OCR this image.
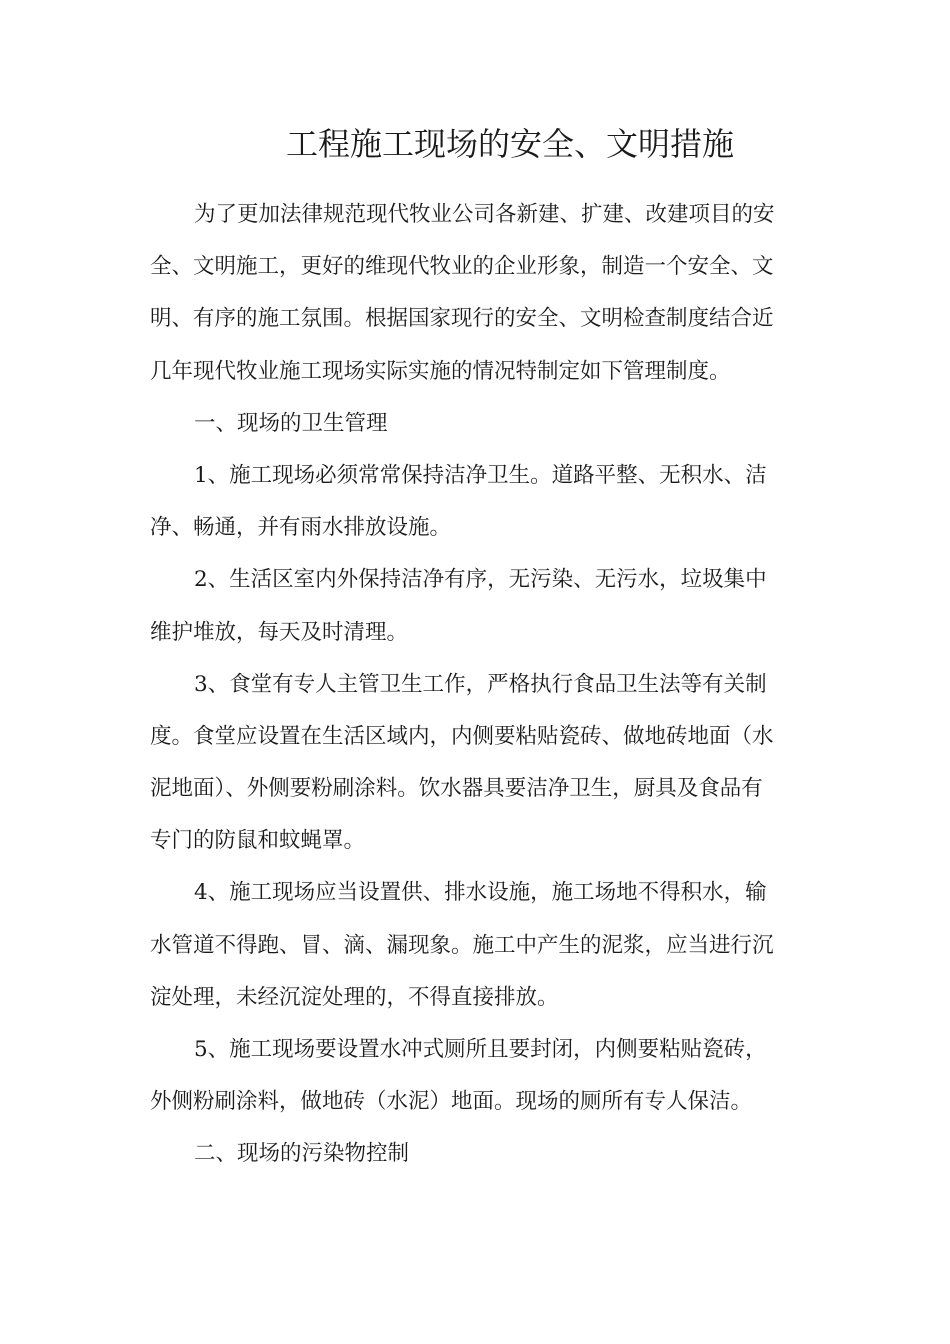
工程施工现场的安全、文明措施
为了更加法律规范现代牧业公司各新建、扩建、改建项目的安
全、文明施工，更好的维现代牧业的企业形象，制造一个安全、文
明、有序的施工氛围。根据国家现行的安全、文明检查制度结合近
几年现代牧业施工现场实际实施的情况特制定如下管理制度。
一、现场的卫生管理
1、施工现场必须常常保持洁净卫生。道路平整、无积水、洁
净、畅通，并有雨水排放设施。
2、生活区室内外保持洁净有序，无污染、无污水，垃圾集中
维护堆放，每天及时清理。
3、食堂有专人主管卫生工作，严格执行食品卫生法等有关制
度。食堂应设置在生活区域内，内侧要粘贴瓷砖、做地砖地面（水
泥地面）、外侧要粉刷涂料。饮水器具要洁净卫生，厨具及食品有
专门的防鼠和蚊蝇罩。
4、施工现场应当设置供、排水设施，施工场地不得积水，输
水管道不得跑、冒、滴、漏现象。施工中产生的泥浆，应当进行沉
淀处理，未经沉淀处理的，不得直接排放。
5、施工现场要设置水冲式厕所且要封闭，内侧要粘贴瓷砖，
外侧粉刷涂料，做地砖（水泥）地面。现场的厕所有专人保洁。
二、现场的污染物控制
